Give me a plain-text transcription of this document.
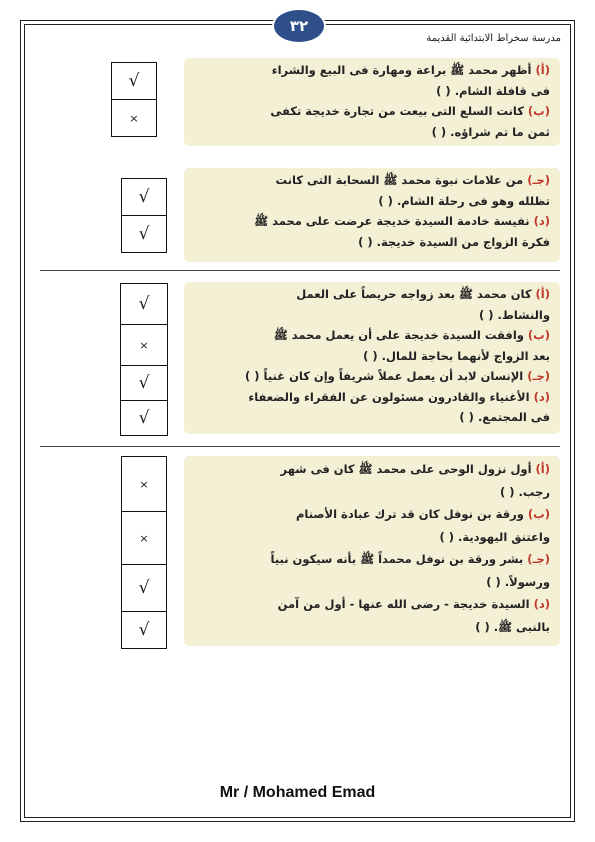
٣٢
مدرسة سخراط الابتدائية القديمة

(أ) أظهر محمد ﷺ براعة ومهارة فى البيع والشراء

فى قافلة الشام. ( )

(ب) كانت السلع التى بيعت من تجارة خديجة تكفى

ثمن ما تم شراؤه. ( )

√
×

(جـ) من علامات نبوة محمد ﷺ السحابة التى كانت

تظلله وهو فى رحلة الشام. ( )

(د) نفيسة خادمة السيدة خديجة عرضت على محمد ﷺ

فكرة الزواج من السيدة خديجة. ( )

√
√

(أ) كان محمد ﷺ بعد زواجه حريصاً على العمل

والنشاط. ( )

(ب) وافقت السيدة خديجة على أن يعمل محمد ﷺ

بعد الزواج لأنهما بحاجة للمال. ( )

(جـ) الإنسان لابد أن يعمل عملاً شريفاً وإن كان غنياً ( )

(د) الأغنياء والقادرون مسئولون عن الفقراء والضعفاء

فى المجتمع. ( )

√
×
√
√

(أ) أول نزول الوحى على محمد ﷺ كان فى شهر

رجب. ( )

(ب) ورقة بن نوفل كان قد ترك عبادة الأصنام

واعتنق اليهودية. ( )

(جـ) بشر ورقة بن نوفل محمداً ﷺ بأنه سيكون نبياً

ورسولاً. ( )

(د) السيدة خديجة - رضى الله عنها - أول من آمن

بالنبى ﷺ. ( )

×
×
√
√
Mr / Mohamed Emad
